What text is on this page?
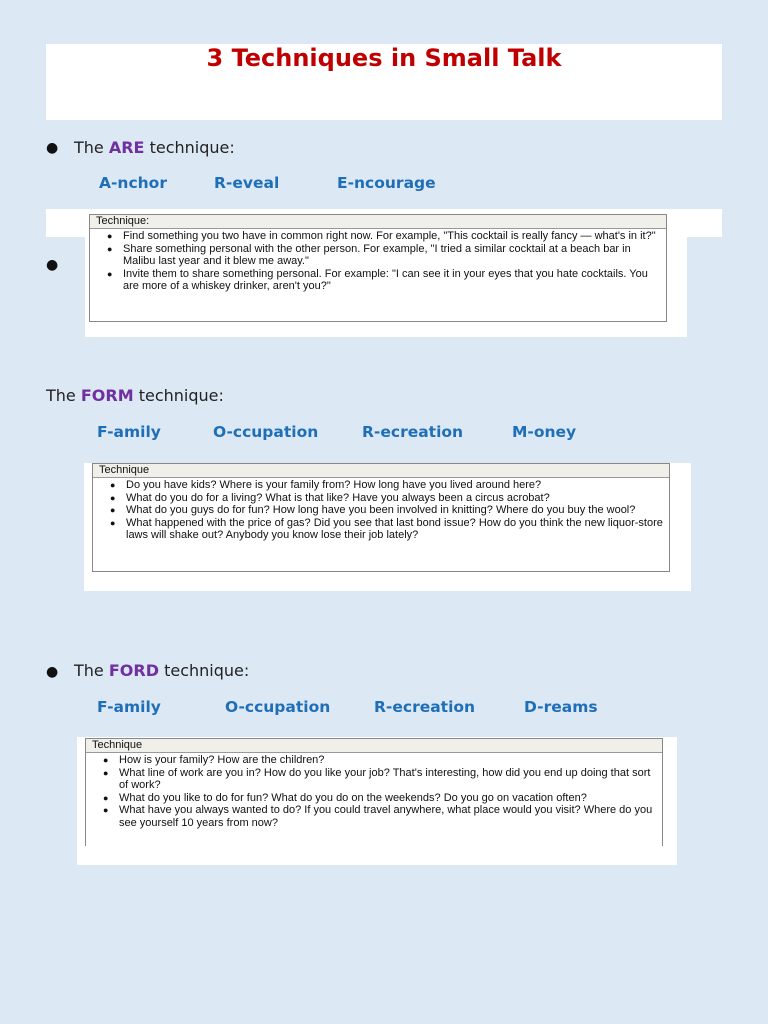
3 Techniques in Small Talk
● The ARE technique:
A-nchor	R-eveal	E-ncourage
●
Technique:
● Find something you two have in common right now. For example, "This cocktail is really fancy — what's in it?"
● Share something personal with the other person. For example, "I tried a similar cocktail at a beach bar in Malibu last year and it blew me away."
● Invite them to share something personal. For example: "I can see it in your eyes that you hate cocktails. You are more of a whiskey drinker, aren't you?"
The FORM technique:
F-amily	O-ccupation	R-ecreation	M-oney
Technique
● Do you have kids? Where is your family from? How long have you lived around here?
● What do you do for a living? What is that like? Have you always been a circus acrobat?
● What do you guys do for fun? How long have you been involved in knitting? Where do you buy the wool?
● What happened with the price of gas? Did you see that last bond issue? How do you think the new liquor-store laws will shake out? Anybody you know lose their job lately?
● The FORD technique:
F-amily	O-ccupation	R-ecreation	D-reams
Technique
● How is your family? How are the children?
● What line of work are you in? How do you like your job? That's interesting, how did you end up doing that sort of work?
● What do you like to do for fun? What do you do on the weekends? Do you go on vacation often?
● What have you always wanted to do? If you could travel anywhere, what place would you visit? Where do you see yourself 10 years from now?
